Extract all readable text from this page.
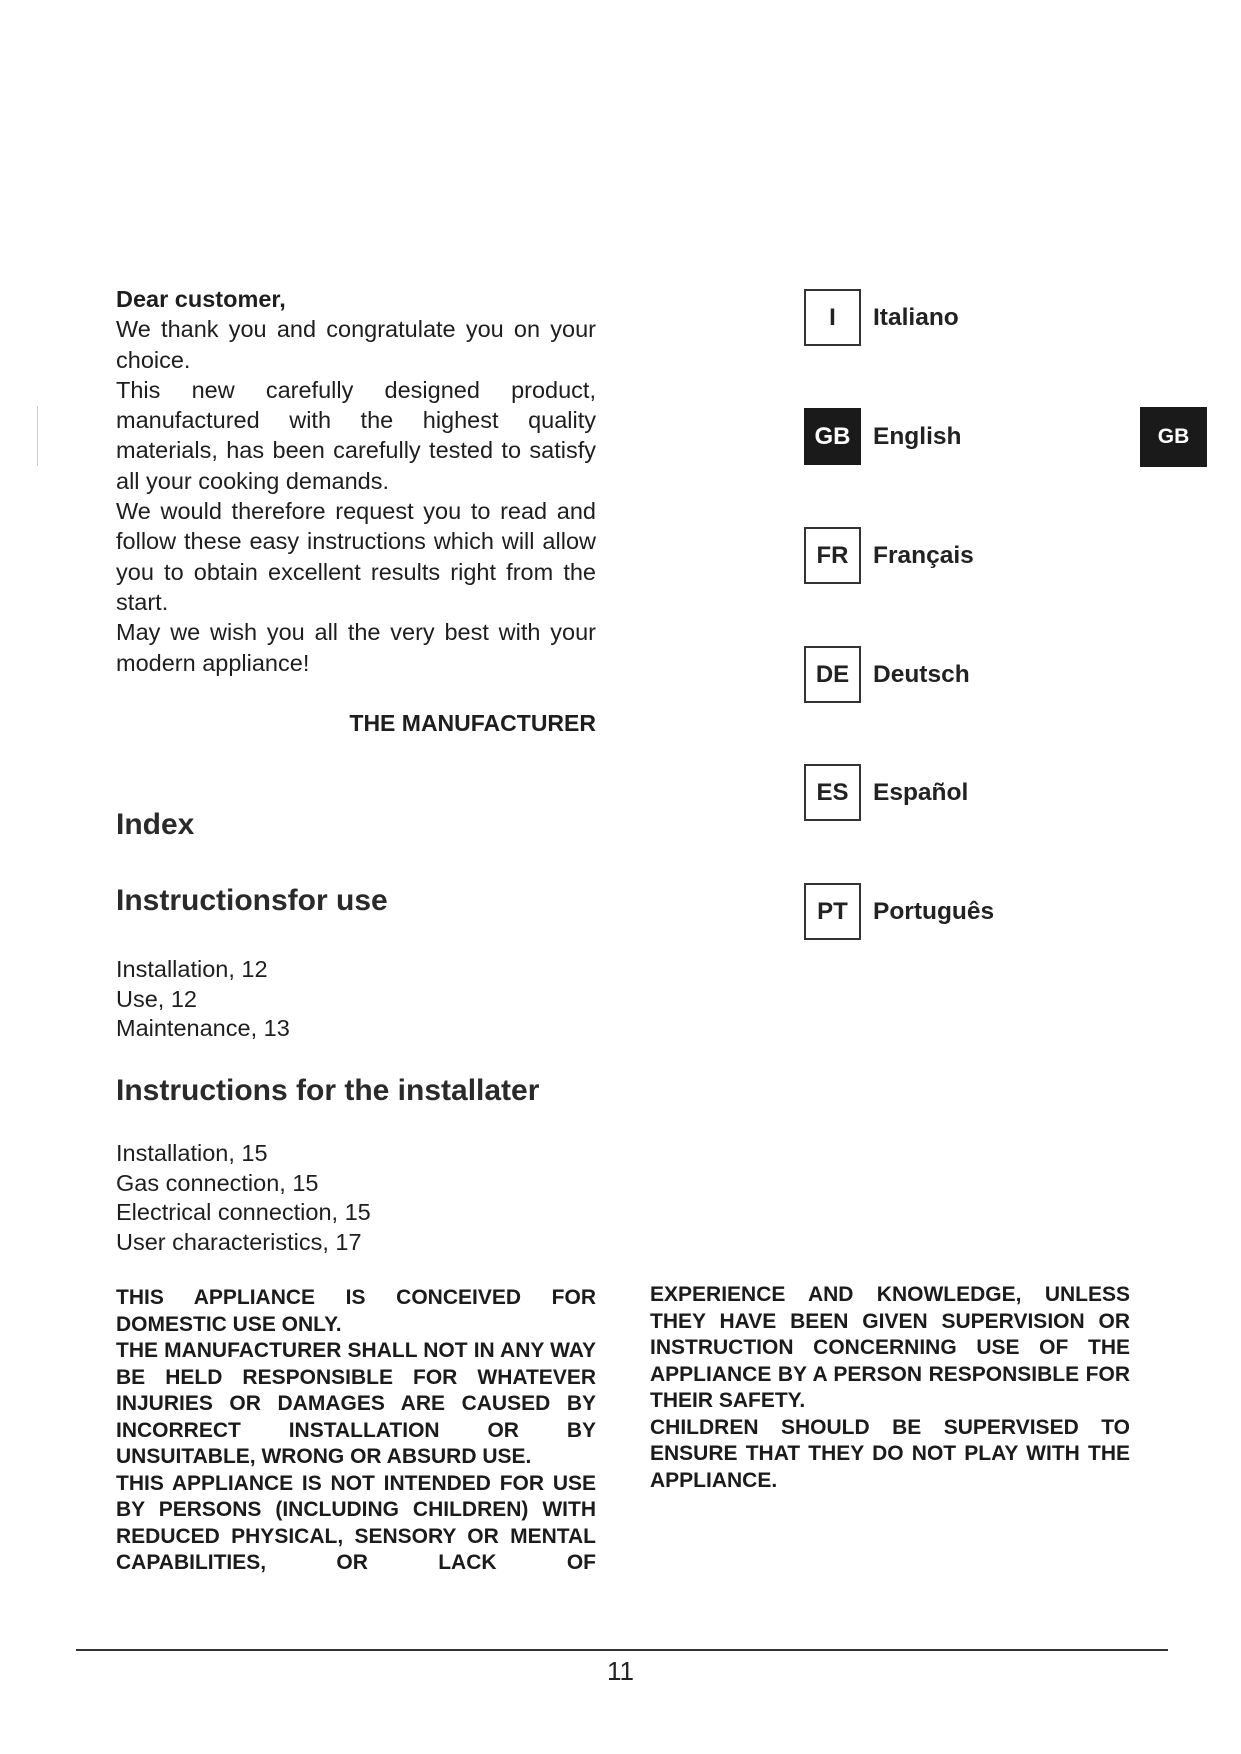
Dear customer,

We thank you and congratulate you on your choice.

This new carefully designed product, manufactured with the highest quality materials, has been carefully tested to satisfy all your cooking demands.

We would therefore request you to read and follow these easy instructions which will allow you to obtain excellent results right from the start.

May we wish you all the very best with your modern appliance!

THE MANUFACTURER
Index
Instructionsfor use
Installation, 12
Use, 12
Maintenance, 13
Instructions for the installater
Installation, 15
Gas connection, 15
Electrical connection, 15
User characteristics, 17

THIS APPLIANCE IS CONCEIVED FOR DOMESTIC USE ONLY.

THE MANUFACTURER SHALL NOT IN ANY WAY BE HELD RESPONSIBLE FOR WHATEVER INJURIES OR DAMAGES ARE CAUSED BY INCORRECT INSTALLATION OR BY UNSUITABLE, WRONG OR ABSURD USE.

THIS APPLIANCE IS NOT INTENDED FOR USE BY PERSONS (INCLUDING CHILDREN) WITH REDUCED PHYSICAL, SENSORY OR MENTAL CAPABILITIES, OR LACK OF

EXPERIENCE AND KNOWLEDGE, UNLESS THEY HAVE BEEN GIVEN SUPERVISION OR INSTRUCTION CONCERNING USE OF THE APPLIANCE BY A PERSON RESPONSIBLE FOR THEIR SAFETY.

CHILDREN SHOULD BE SUPERVISED TO ENSURE THAT THEY DO NOT PLAY WITH THE APPLIANCE.

I	Italiano
GB English
FR	Français
DE Deutsch
ES	Español
PT	Português
GB
11
